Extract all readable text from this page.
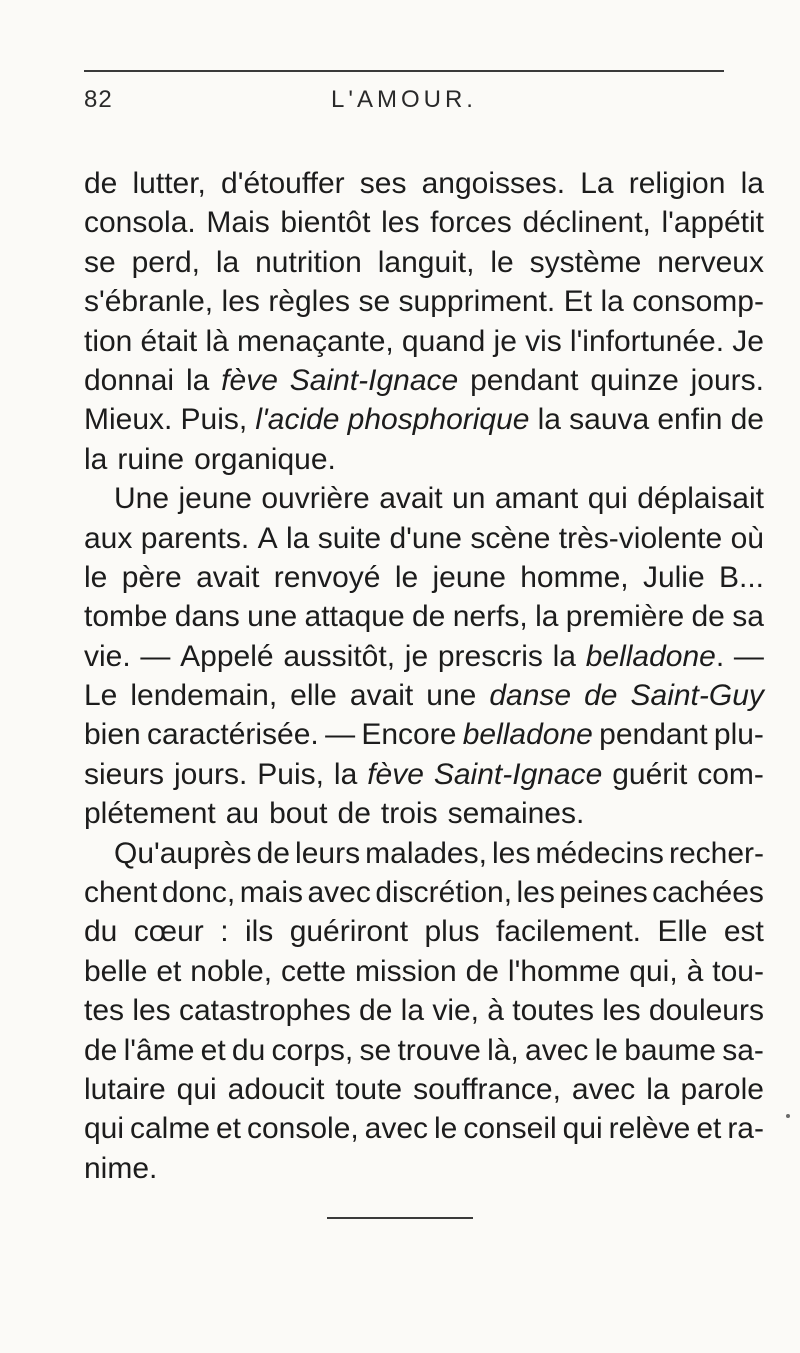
82	L'AMOUR.
de lutter, d'étouffer ses angoisses. La religion la
consola. Mais bientôt les forces déclinent, l'appétit
se perd, la nutrition languit, le système nerveux
s'ébranle, les règles se suppriment. Et la consomp-
tion était là menaçante, quand je vis l'infortunée. Je
donnai la fève Saint-Ignace pendant quinze jours.
Mieux. Puis, l'acide phosphorique la sauva enfin de
la ruine organique.
Une jeune ouvrière avait un amant qui déplaisait
aux parents. A la suite d'une scène très-violente où
le père avait renvoyé le jeune homme, Julie B...
tombe dans une attaque de nerfs, la première de sa
vie. — Appelé aussitôt, je prescris la belladone. —
Le lendemain, elle avait une danse de Saint-Guy
bien caractérisée. — Encore belladone pendant plu-
sieurs jours. Puis, la fève Saint-Ignace guérit com-
plétement au bout de trois semaines.
Qu'auprès de leurs malades, les médecins recher-
chent donc, mais avec discrétion, les peines cachées
du cœur : ils guériront plus facilement. Elle est
belle et noble, cette mission de l'homme qui, à tou-
tes les catastrophes de la vie, à toutes les douleurs
de l'âme et du corps, se trouve là, avec le baume sa-
lutaire qui adoucit toute souffrance, avec la parole
qui calme et console, avec le conseil qui relève et ra-
nime.
